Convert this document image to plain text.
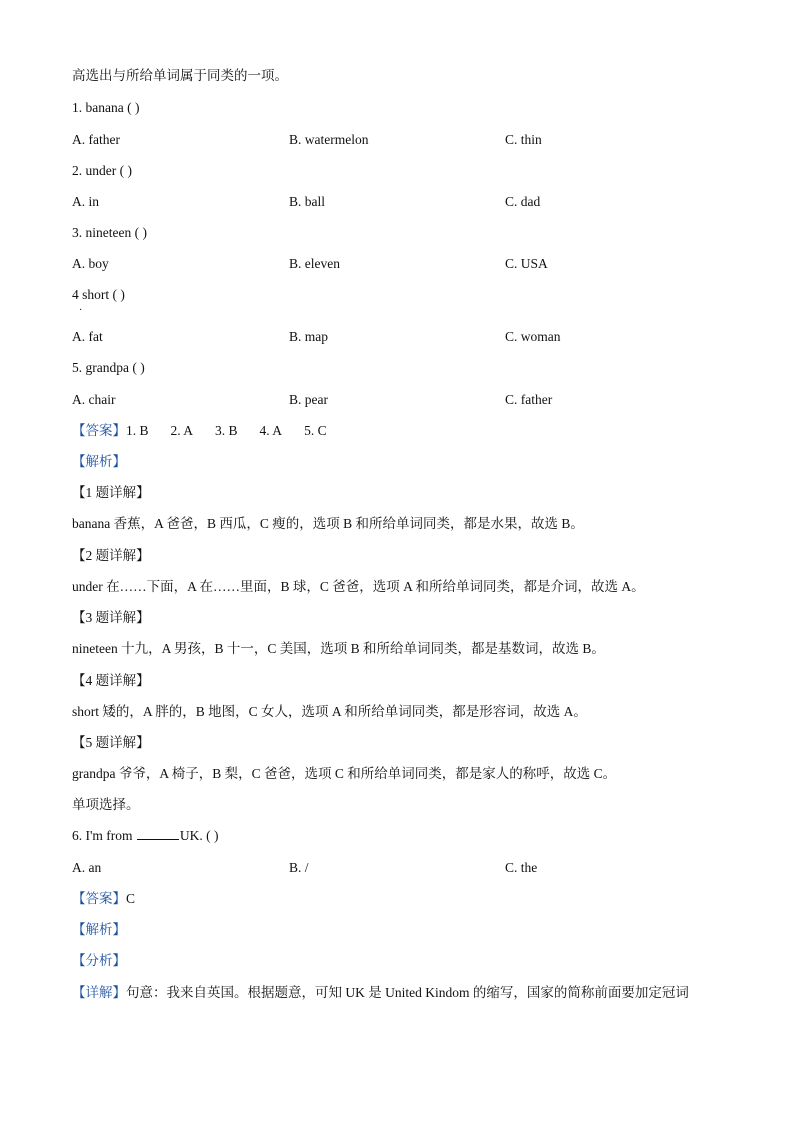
高选出与所给单词属于同类的一项。
1. banana ( )
A. father	B. watermelon	C. thin
2. under ( )
A. in	B. ball	C. dad
3. nineteen ( )
A. boy	B. eleven	C. USA
4 short ( )
·
A. fat	B. map	C. woman
5. grandpa ( )
A. chair	B. pear	C. father
【答案】1. B 2. A 3. B 4. A 5. C
【解析】
【1 题详解】
banana 香蕉，A 爸爸，B 西瓜，C 瘦的，选项 B 和所给单词同类，都是水果，故选 B。
【2 题详解】
under 在……下面，A 在……里面，B 球，C 爸爸，选项 A 和所给单词同类，都是介词，故选 A。
【3 题详解】
nineteen 十九，A 男孩，B 十一，C 美国，选项 B 和所给单词同类，都是基数词，故选 B。
【4 题详解】
short 矮的，A 胖的，B 地图，C 女人，选项 A 和所给单词同类，都是形容词，故选 A。
【5 题详解】
grandpa 爷爷，A 椅子，B 梨，C 爸爸，选项 C 和所给单词同类，都是家人的称呼，故选 C。
单项选择。
6. I'm from	UK. ( )
A. an	B. /	C. the
【答案】C
【解析】
【分析】
【详解】句意：我来自英国。根据题意，可知 UK 是 United Kindom 的缩写，国家的简称前面要加定冠词
